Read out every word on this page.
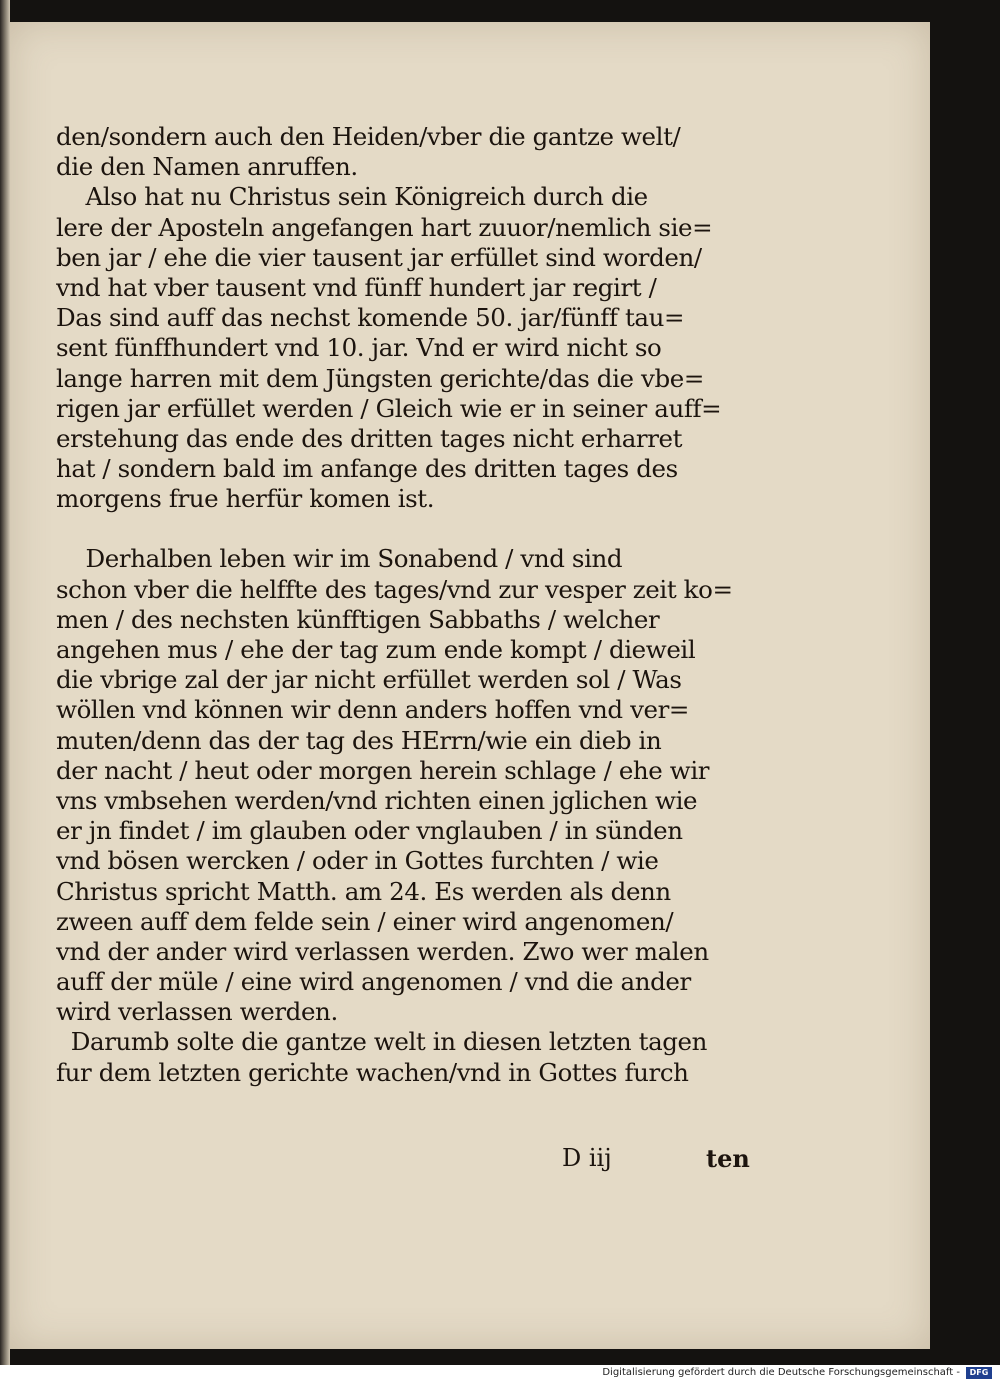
den/sondern auch den Heiden/vber die gantze welt/
die den Namen anruffen.
Also hat nu Christus sein Königreich durch die
lere der Aposteln angefangen hart zuuor/nemlich sie=
ben jar / ehe die vier tausent jar erfüllet sind worden/
vnd hat vber tausent vnd fünff hundert jar regirt /
Das sind auff das nechst komende 50. jar/fünff tau=
sent fünffhundert vnd 10. jar. Vnd er wird nicht so
lange harren mit dem Jüngsten gerichte/das die vbe=
rigen jar erfüllet werden / Gleich wie er in seiner auff=
erstehung das ende des dritten tages nicht erharret
hat / sondern bald im anfange des dritten tages des
morgens frue herfür komen ist.
Derhalben leben wir im Sonabend / vnd sind
schon vber die helffte des tages/vnd zur vesper zeit ko=
men / des nechsten künfftigen Sabbaths / welcher
angehen mus / ehe der tag zum ende kompt / dieweil
die vbrige zal der jar nicht erfüllet werden sol / Was
wöllen vnd können wir denn anders hoffen vnd ver=
muten/denn das der tag des HErrn/wie ein dieb in
der nacht / heut oder morgen herein schlage / ehe wir
vns vmbsehen werden/vnd richten einen jglichen wie
er jn findet / im glauben oder vnglauben / in sünden
vnd bösen wercken / oder in Gottes furchten / wie
Christus spricht Matth. am 24. Es werden als denn
zween auff dem felde sein / einer wird angenomen/
vnd der ander wird verlassen werden. Zwo wer malen
auff der müle / eine wird angenomen / vnd die ander
wird verlassen werden.
Darumb solte die gantze welt in diesen letzten tagen
fur dem letzten gerichte wachen/vnd in Gottes furch
D iij	ten
Digitalisierung gefördert durch die Deutsche Forschungsgemeinschaft -	DFG
